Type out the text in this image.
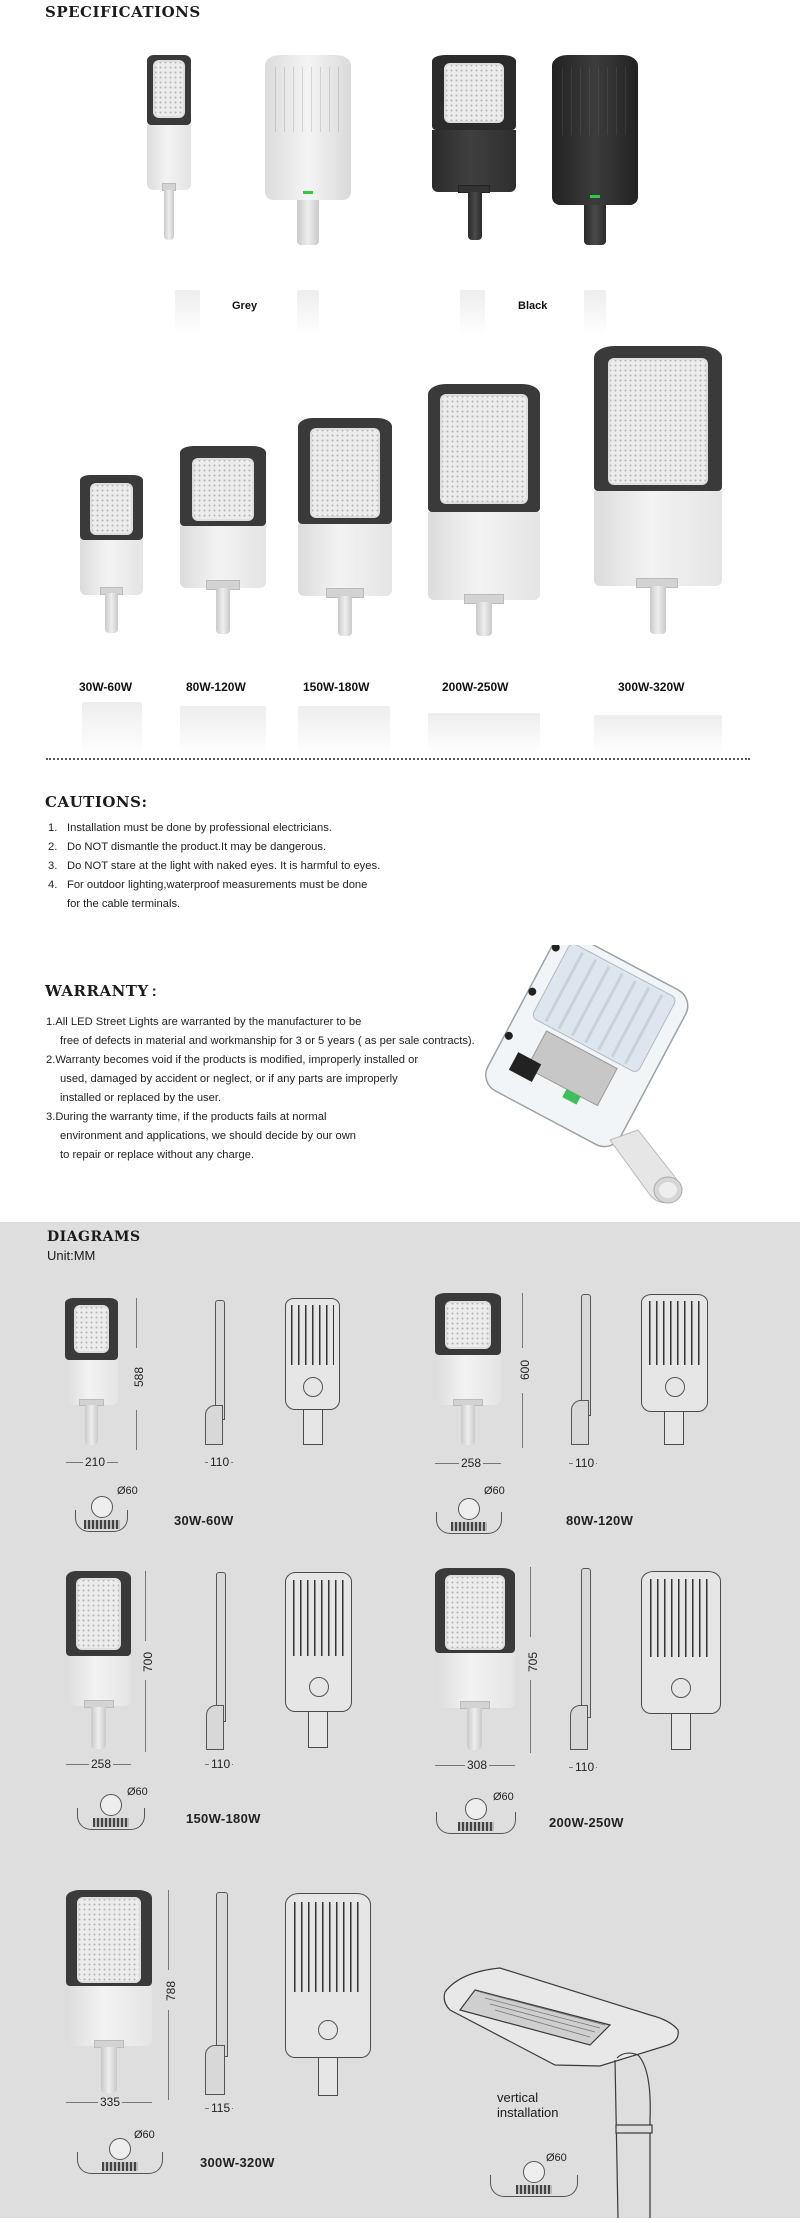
SPECIFICATIONS
Grey	Black
30W-60W	80W-120W	150W-180W	200W-250W	300W-320W
CAUTIONS:
1. Installation must be done by professional electricians.
2. Do NOT dismantle the product.It may be dangerous.
3. Do NOT stare at the light with naked eyes. It is harmful to eyes.
4. For outdoor lighting,waterproof measurements must be done
for the cable terminals.
WARRANTY :
1.All LED Street Lights are warranted by the manufacturer to be
free of defects in material and workmanship for 3 or 5 years ( as per sale contracts).
2.Warranty becomes void if the products is modified, improperly installed or
used, damaged by accident or neglect, or if any parts are improperly
installed or replaced by the user.
3.During the warranty time, if the products fails at normal
environment and applications, we should decide by our own
to repair or replace without any charge.
DIAGRAMS
Unit:MM
588
210	110
Ø60
30W-60W
600
258	110
Ø60
80W-120W
700
258	110
Ø60
150W-180W
705
308	110
Ø60
200W-250W
788
335	115
Ø60
300W-320W
vertical
installation
Ø60
